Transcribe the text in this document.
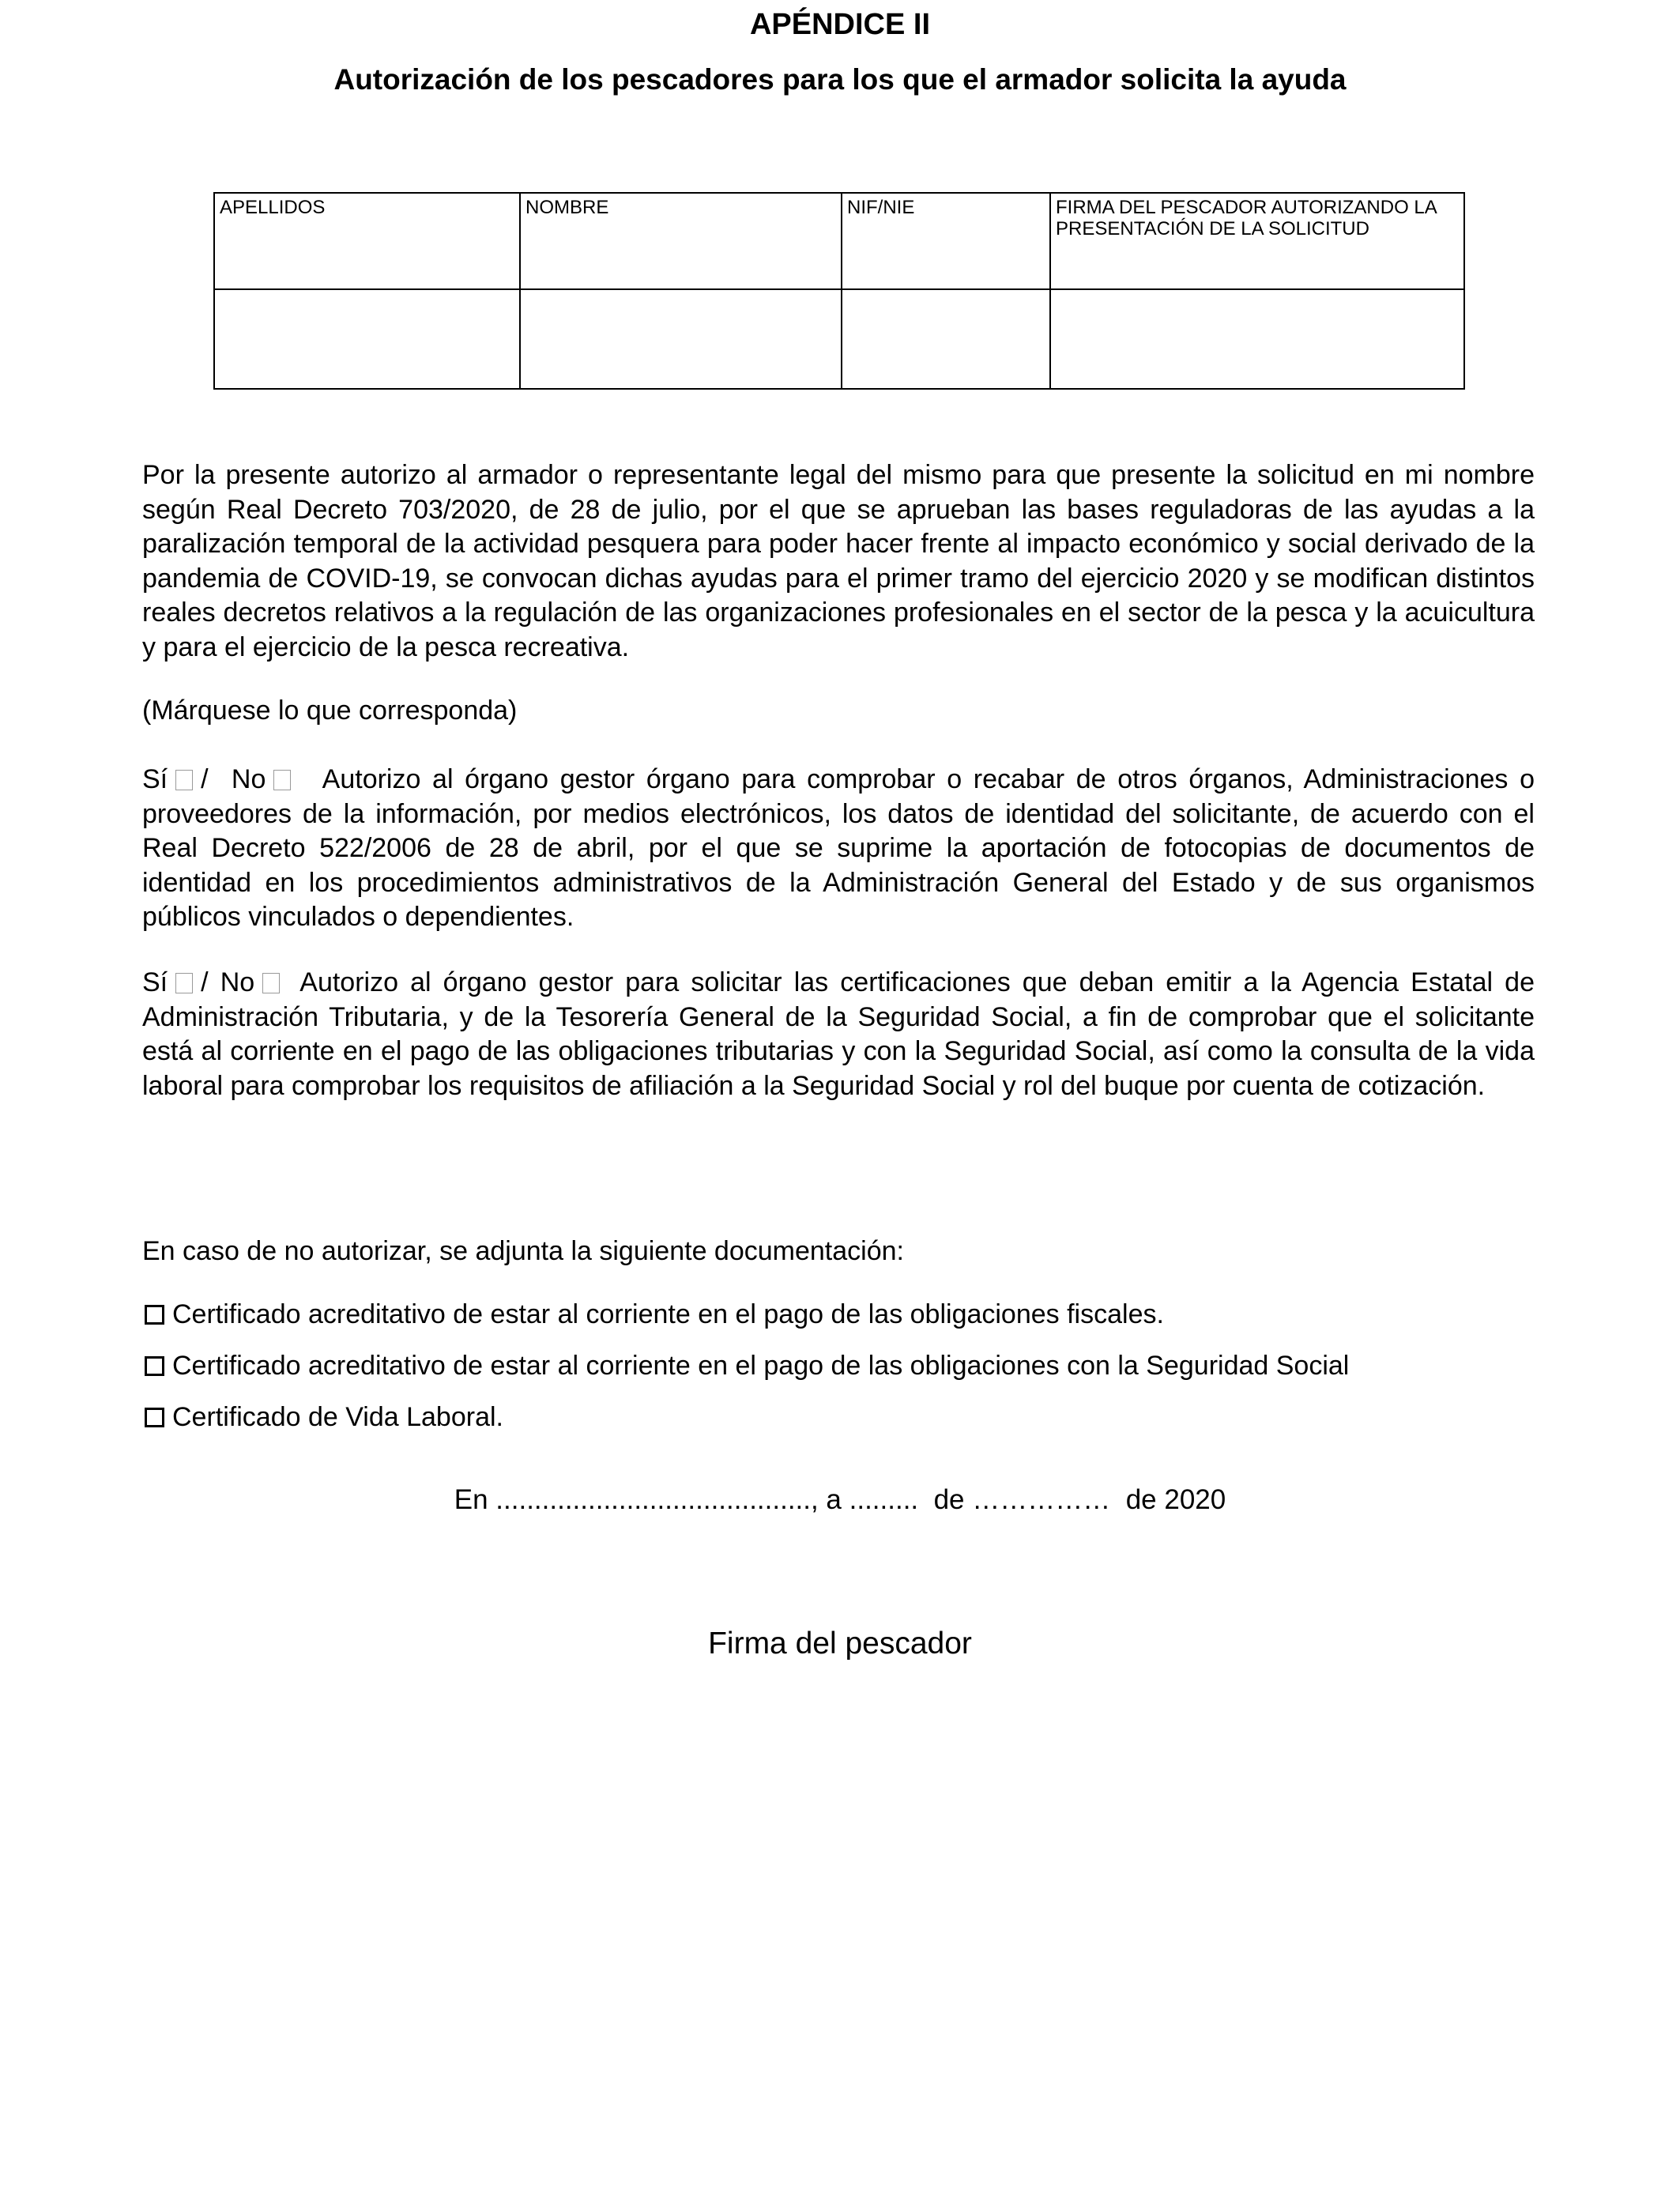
APÉNDICE II
Autorización de los pescadores para los que el armador solicita la ayuda
APELLIDOS	NOMBRE	NIF/NIE	FIRMA DEL PESCADOR AUTORIZANDO LA PRESENTACIÓN DE LA SOLICITUD

Por la presente autorizo al armador o representante legal del mismo para que presente la solicitud en mi nombre según Real Decreto 703/2020, de 28 de julio, por el que se aprueban las bases reguladoras de las ayudas a la paralización temporal de la actividad pesquera para poder hacer frente al impacto económico y social derivado de la pandemia de COVID-19, se convocan dichas ayudas para el primer tramo del ejercicio 2020 y se modifican distintos reales decretos relativos a la regulación de las organizaciones profesionales en el sector de la pesca y la acuicultura y para el ejercicio de la pesca recreativa.

(Márquese lo que corresponda)

Sí / No Autorizo al órgano gestor órgano para comprobar o recabar de otros órganos, Administraciones o proveedores de la información, por medios electrónicos, los datos de identidad del solicitante, de acuerdo con el Real Decreto 522/2006 de 28 de abril, por el que se suprime la aportación de fotocopias de documentos de identidad en los procedimientos administrativos de la Administración General del Estado y de sus organismos públicos vinculados o dependientes.

Sí / No Autorizo al órgano gestor para solicitar las certificaciones que deban emitir a la Agencia Estatal de Administración Tributaria, y de la Tesorería General de la Seguridad Social, a fin de comprobar que el solicitante está al corriente en el pago de las obligaciones tributarias y con la Seguridad Social, así como la consulta de la vida laboral para comprobar los requisitos de afiliación a la Seguridad Social y rol del buque por cuenta de cotización.

En caso de no autorizar, se adjunta la siguiente documentación:

Certificado acreditativo de estar al corriente en el pago de las obligaciones fiscales.
Certificado acreditativo de estar al corriente en el pago de las obligaciones con la Seguridad Social
Certificado de Vida Laboral.
En ........................................., a .........  de ……………  de 2020
Firma del pescador
